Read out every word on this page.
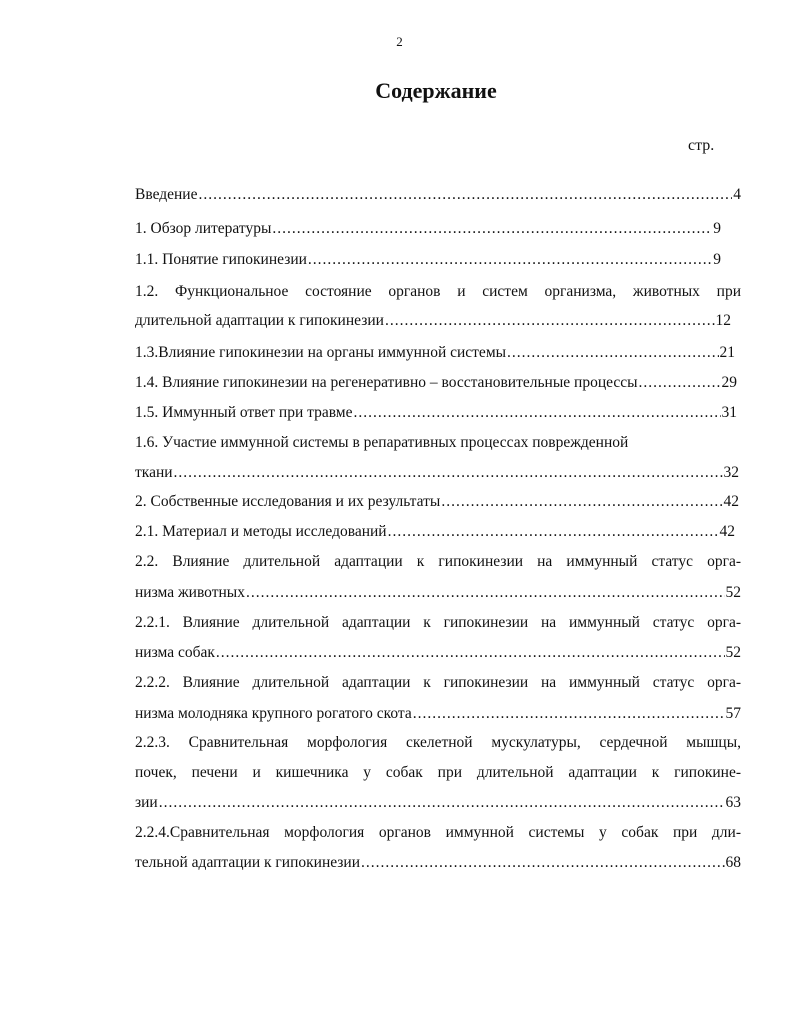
2
Содержание
стр.
Введение .....	4
1. Обзор литературы .....	9
1.1. Понятие гипокинезии .....	9
1.2. Функциональное состояние органов и систем организма, животных при
длительной адаптации к гипокинезии .....	12
1.3.Влияние гипокинезии на органы иммунной системы .....	21
1.4. Влияние гипокинезии на регенеративно – восстановительные процессы .....	29
1.5. Иммунный ответ при травме .....	31
1.6. Участие иммунной системы в репаративных процессах поврежденной
ткани .....	32
2. Собственные исследования и их результаты .....	42
2.1. Материал и методы исследований .....	42
2.2. Влияние длительной адаптации к гипокинезии на иммунный статус орга-
низма животных .....	52
2.2.1. Влияние длительной адаптации к гипокинезии на иммунный статус орга-
низма собак .....	52
2.2.2. Влияние длительной адаптации к гипокинезии на иммунный статус орга-
низма молодняка крупного рогатого скота .....	57
2.2.3. Сравнительная морфология скелетной мускулатуры, сердечной мышцы,
почек, печени и кишечника у собак при длительной адаптации к гипокине-
зии .....	63
2.2.4.Сравнительная морфология органов иммунной системы у собак при дли-
тельной адаптации к гипокинезии .....	68
